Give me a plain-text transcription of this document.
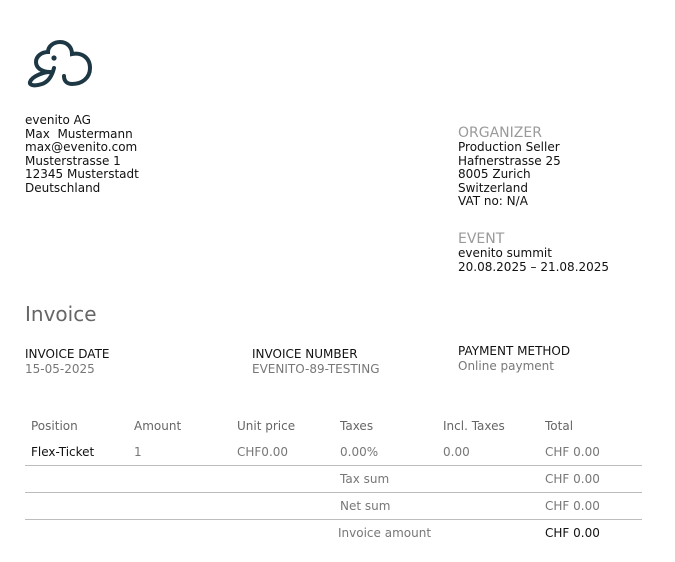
evenito AG
Max  Mustermann
max@evenito.com
Musterstrasse 1
12345 Musterstadt
Deutschland
ORGANIZER
Production Seller
Hafnerstrasse 25
8005 Zurich
Switzerland
VAT no: N/A
EVENT
evenito summit
20.08.2025 – 21.08.2025
Invoice
INVOICE DATE
15-05-2025
INVOICE NUMBER
EVENITO-89-TESTING
PAYMENT METHOD
Online payment
Position	Amount	Unit price	Taxes	Incl. Taxes	Total
Flex-Ticket	1	CHF0.00	0.00%	0.00	CHF 0.00
Tax sum	CHF 0.00
Net sum	CHF 0.00
Invoice amount	CHF 0.00
